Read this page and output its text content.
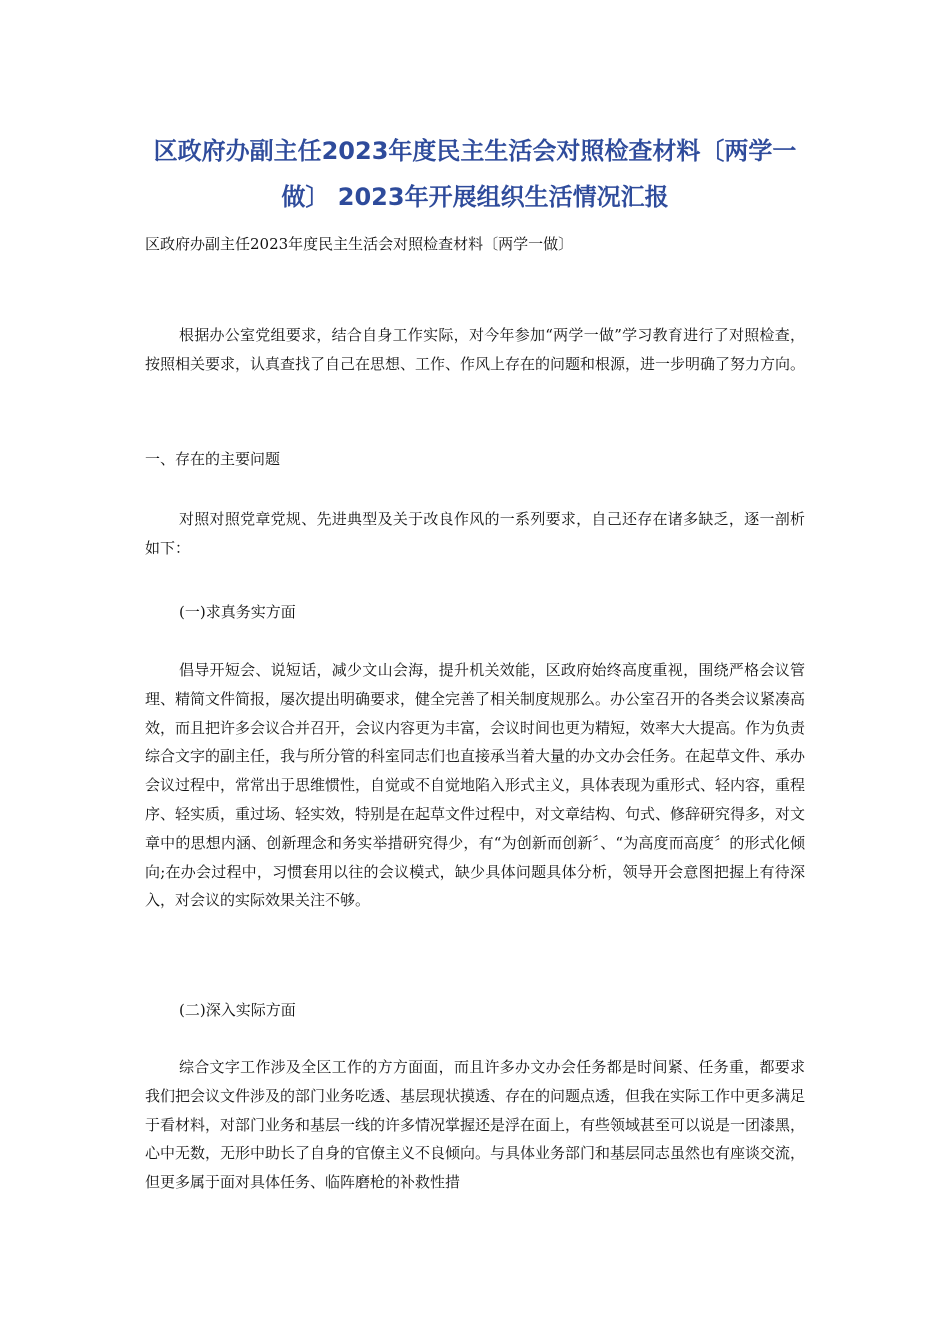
区政府办副主任2023年度民主生活会对照检查材料〔两学一做〕 2023年开展组织生活情况汇报

区政府办副主任2023年度民主生活会对照检查材料〔两学一做〕

根据办公室党组要求，结合自身工作实际，对今年参加“两学一做”学习教育进行了对照检查，按照相关要求，认真查找了自己在思想、工作、作风上存在的问题和根源，进一步明确了努力方向。

一、存在的主要问题

对照对照党章党规、先进典型及关于改良作风的一系列要求，自己还存在诸多缺乏，逐一剖析如下：

(一)求真务实方面

倡导开短会、说短话，减少文山会海，提升机关效能，区政府始终高度重视，围绕严格会议管理、精简文件简报，屡次提出明确要求，健全完善了相关制度规那么。办公室召开的各类会议紧凑高效，而且把许多会议合并召开，会议内容更为丰富，会议时间也更为精短，效率大大提高。作为负责综合文字的副主任，我与所分管的科室同志们也直接承当着大量的办文办会任务。在起草文件、承办会议过程中，常常出于思维惯性，自觉或不自觉地陷入形式主义，具体表现为重形式、轻内容，重程序、轻实质，重过场、轻实效，特别是在起草文件过程中，对文章结构、句式、修辞研究得多，对文章中的思想内涵、创新理念和务实举措研究得少，有“为创新而创新〞、“为高度而高度〞的形式化倾向;在办会过程中，习惯套用以往的会议模式，缺少具体问题具体分析，领导开会意图把握上有待深入，对会议的实际效果关注不够。

(二)深入实际方面

综合文字工作涉及全区工作的方方面面，而且许多办文办会任务都是时间紧、任务重，都要求我们把会议文件涉及的部门业务吃透、基层现状摸透、存在的问题点透，但我在实际工作中更多满足于看材料，对部门业务和基层一线的许多情况掌握还是浮在面上，有些领域甚至可以说是一团漆黑，心中无数，无形中助长了自身的官僚主义不良倾向。与具体业务部门和基层同志虽然也有座谈交流，但更多属于面对具体任务、临阵磨枪的补救性措
